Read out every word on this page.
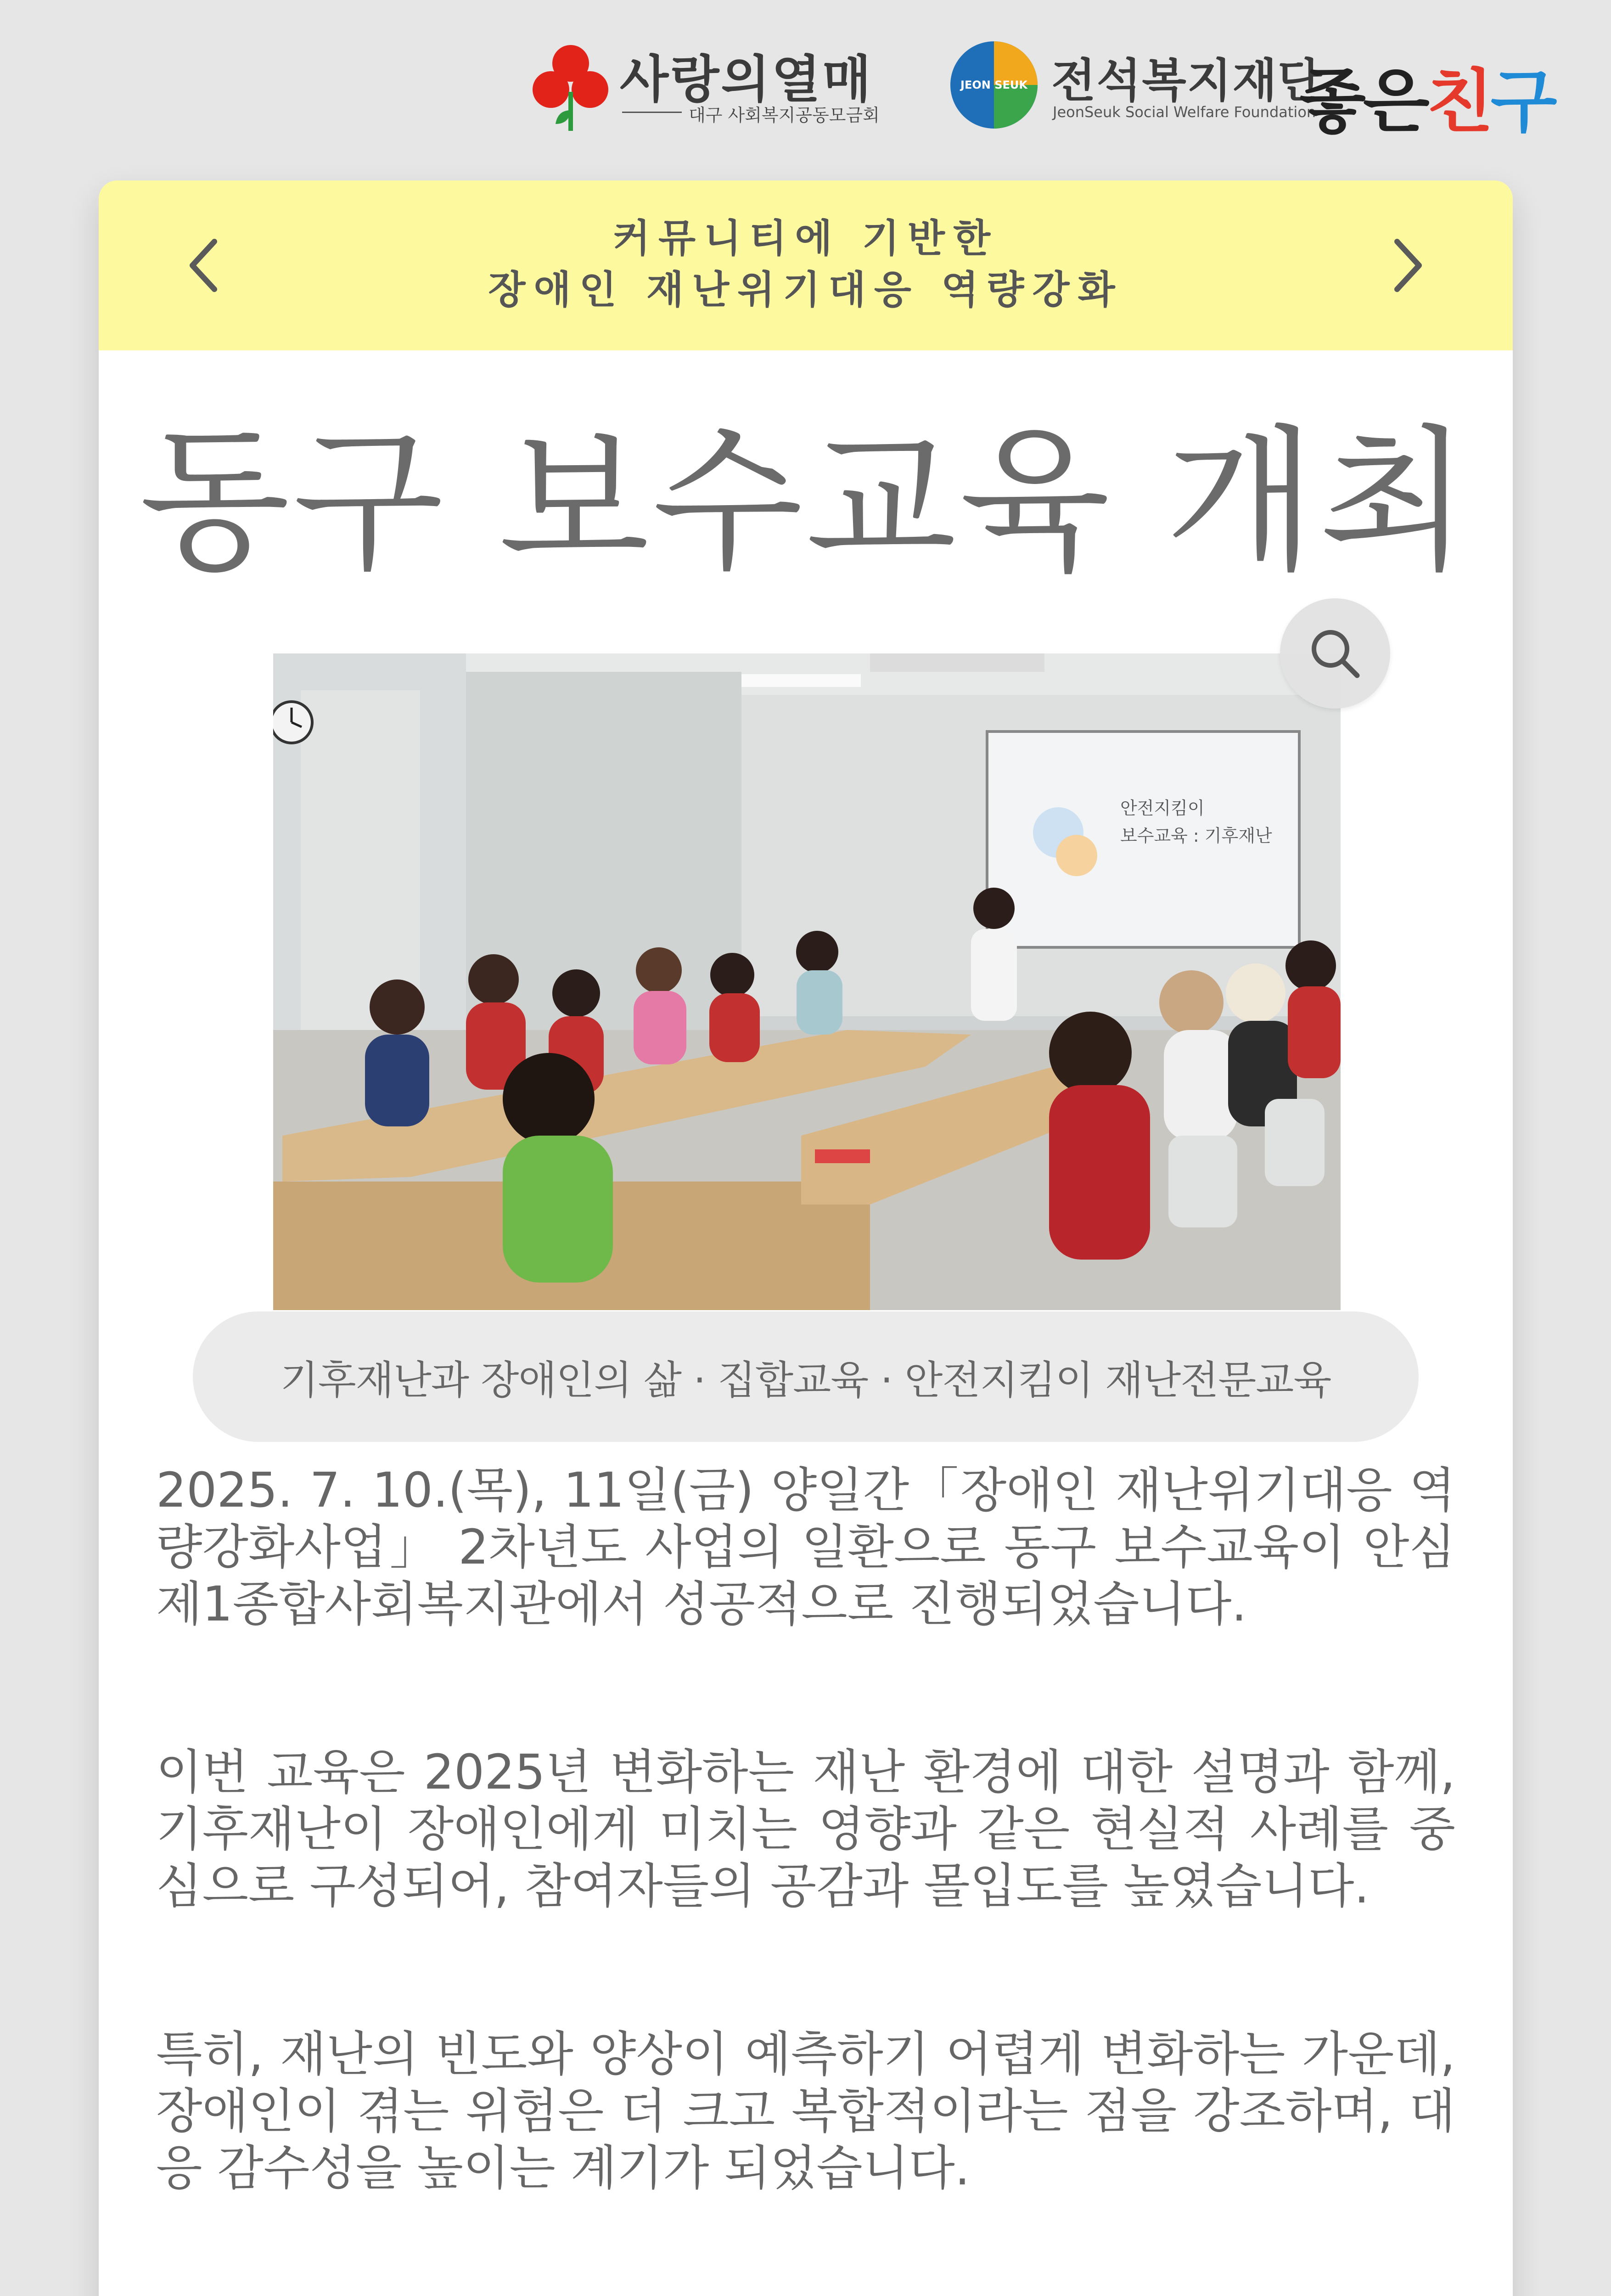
사랑의열매
대구 사회복지공동모금회
JEON SEUK 전석복지재단
JeonSeuk Social Welfare Foundation
좋은친구
커뮤니티에 기반한
장애인 재난위기대응 역량강화
동구 보수교육 개최
안전지킴이
보수교육 : 기후재난
기후재난과 장애인의 삶 · 집합교육 · 안전지킴이 재난전문교육

2025. 7. 10.(목), 11일(금) 양일간「장애인 재난위기대응 역량강화사업」 2차년도 사업의 일환으로 동구 보수교육이 안심제1종합사회복지관에서 성공적으로 진행되었습니다.

이번 교육은 2025년 변화하는 재난 환경에 대한 설명과 함께, 기후재난이 장애인에게 미치는 영향과 같은 현실적 사례를 중심으로 구성되어, 참여자들의 공감과 몰입도를 높였습니다.

특히, 재난의 빈도와 양상이 예측하기 어렵게 변화하는 가운데, 장애인이 겪는 위험은 더 크고 복합적이라는 점을 강조하며, 대응 감수성을 높이는 계기가 되었습니다.
